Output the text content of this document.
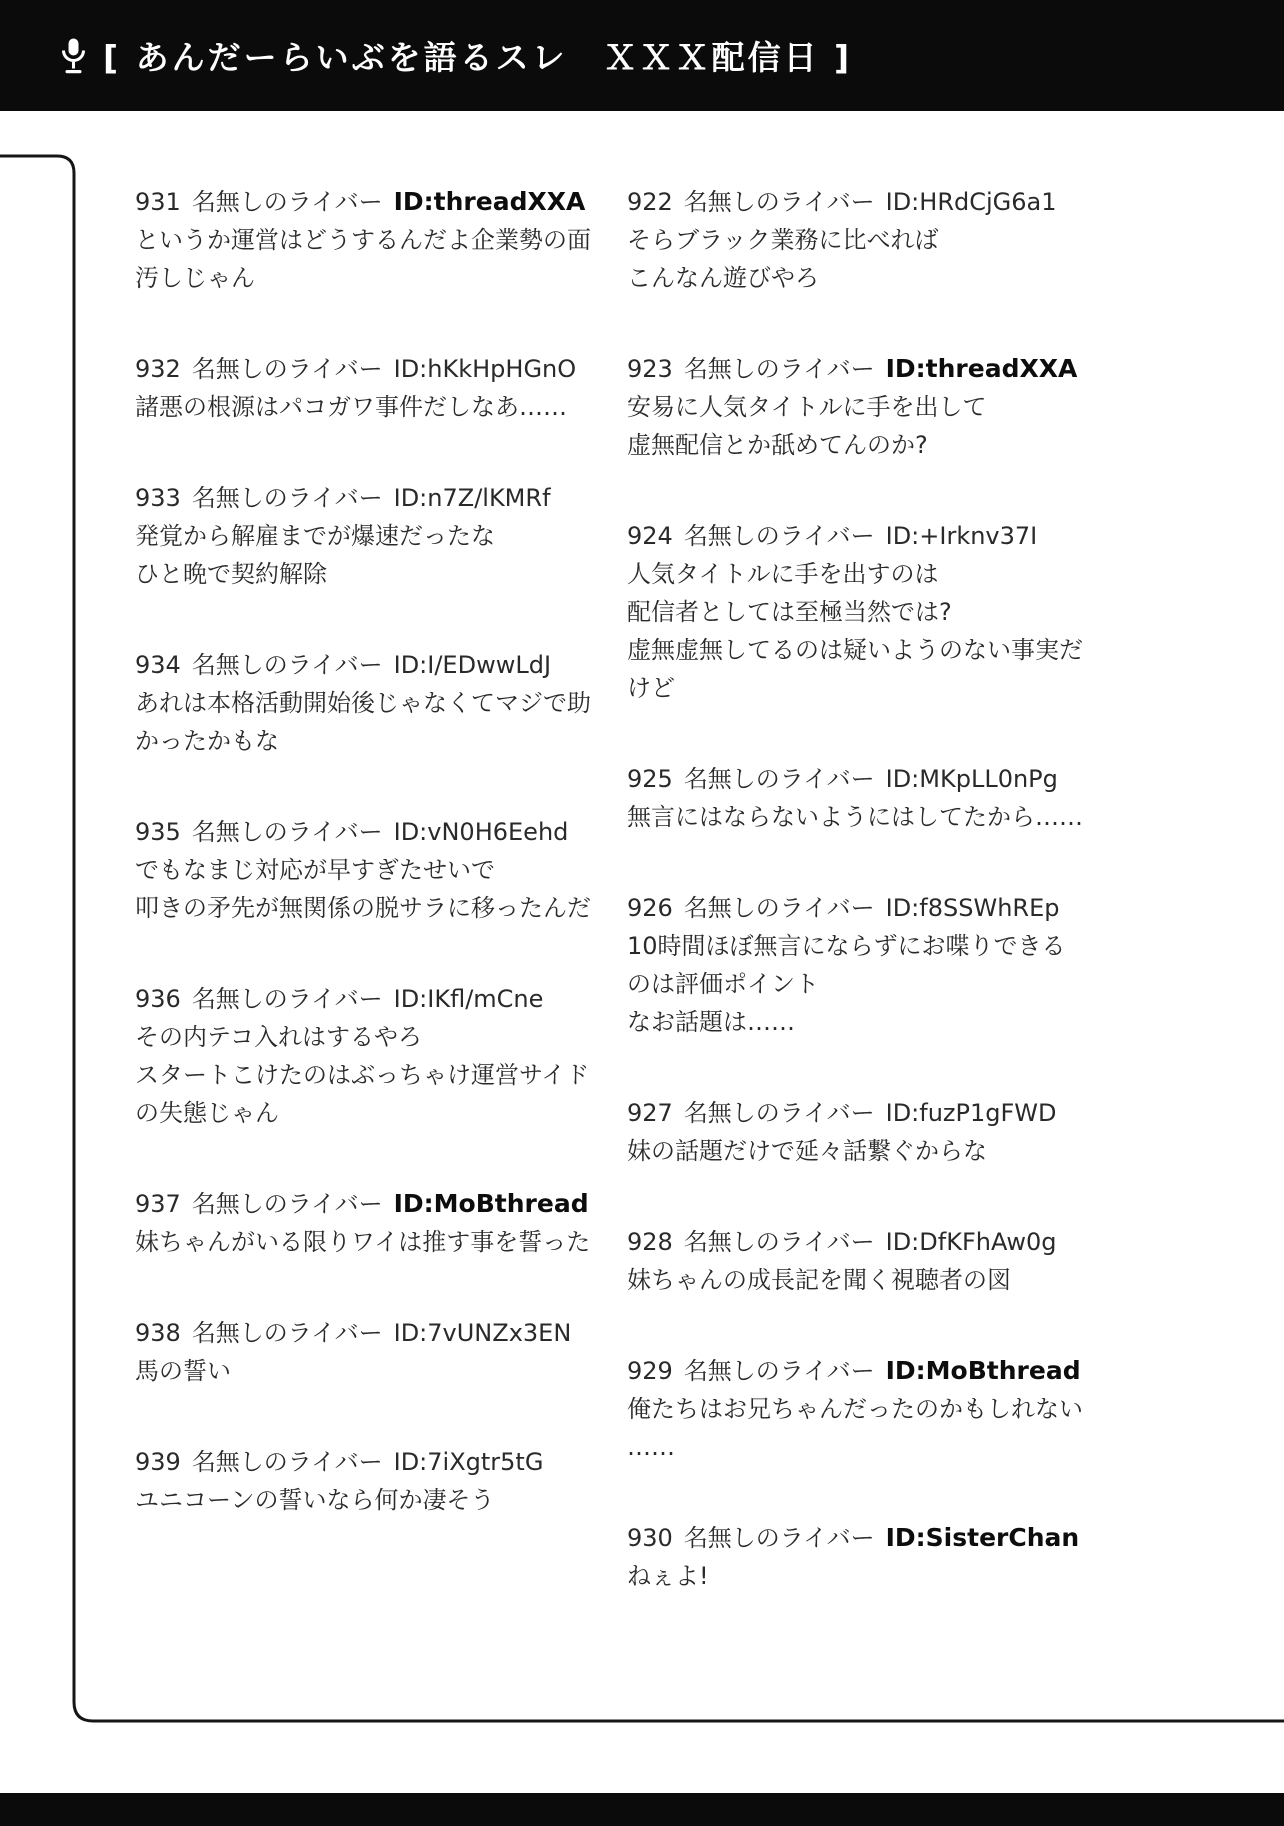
[ あんだーらいぶを語るスレ　ＸＸＸ配信日 ]
931 名無しのライバー ID:threadXXA
というか運営はどうするんだよ企業勢の面
汚しじゃん
932 名無しのライバー ID:hKkHpHGnO
諸悪の根源はパコガワ事件だしなあ……
933 名無しのライバー ID:n7Z/lKMRf
発覚から解雇までが爆速だったな
ひと晩で契約解除
934 名無しのライバー ID:I/EDwwLdJ
あれは本格活動開始後じゃなくてマジで助
かったかもな
935 名無しのライバー ID:vN0H6Eehd
でもなまじ対応が早すぎたせいで
叩きの矛先が無関係の脱サラに移ったんだ
936 名無しのライバー ID:IKfl/mCne
その内テコ入れはするやろ
スタートこけたのはぶっちゃけ運営サイド
の失態じゃん
937 名無しのライバー ID:MoBthread
妹ちゃんがいる限りワイは推す事を誓った
938 名無しのライバー ID:7vUNZx3EN
馬の誓い
939 名無しのライバー ID:7iXgtr5tG
ユニコーンの誓いなら何か凄そう
922 名無しのライバー ID:HRdCjG6a1
そらブラック業務に比べれば
こんなん遊びやろ
923 名無しのライバー ID:threadXXA
安易に人気タイトルに手を出して
虚無配信とか舐めてんのか?
924 名無しのライバー ID:+Irknv37I
人気タイトルに手を出すのは
配信者としては至極当然では?
虚無虚無してるのは疑いようのない事実だ
けど
925 名無しのライバー ID:MKpLL0nPg
無言にはならないようにはしてたから……
926 名無しのライバー ID:f8SSWhREp
10時間ほぼ無言にならずにお喋りできる
のは評価ポイント
なお話題は……
927 名無しのライバー ID:fuzP1gFWD
妹の話題だけで延々話繋ぐからな
928 名無しのライバー ID:DfKFhAw0g
妹ちゃんの成長記を聞く視聴者の図
929 名無しのライバー ID:MoBthread
俺たちはお兄ちゃんだったのかもしれない
……
930 名無しのライバー ID:SisterChan
ねぇよ!
